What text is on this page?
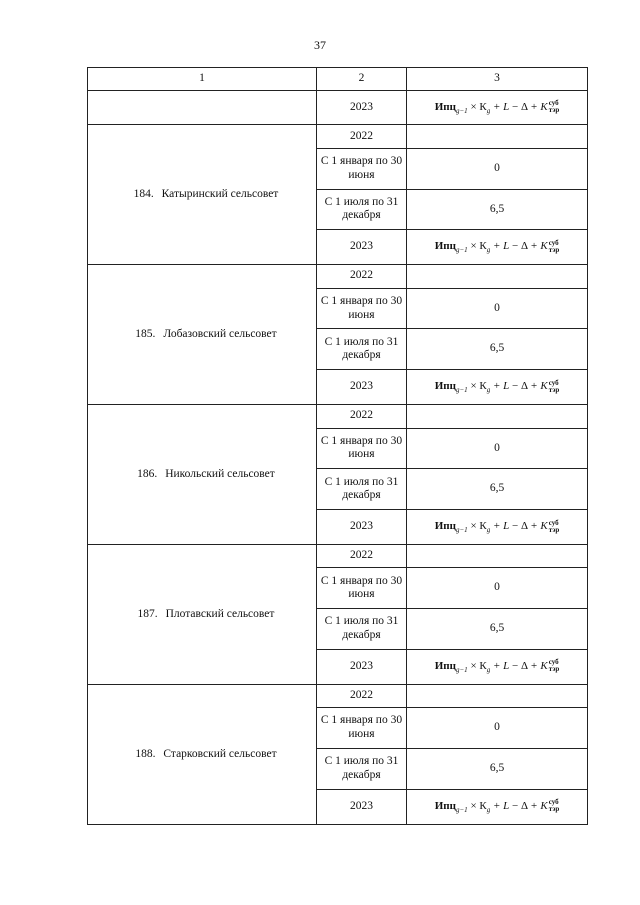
37
1	2	3
	2023	$Ипц_{g-1} \times К_g + L - \Delta + K$ суб
тэр

184. Катыринский сельсовет	2022	
	С 1 января по 30 июня	0
	С 1 июля по 31 декабря	6,5
	2023	$Ипц_{g-1} \times К_g + L - \Delta + K$ суб
тэр

185. Лобазовский сельсовет	2022	
	С 1 января по 30 июня	0
	С 1 июля по 31 декабря	6,5
	2023	$Ипц_{g-1} \times К_g + L - \Delta + K$ суб
тэр

186. Никольский сельсовет	2022	
	С 1 января по 30 июня	0
	С 1 июля по 31 декабря	6,5
	2023	$Ипц_{g-1} \times К_g + L - \Delta + K$ суб
тэр

187. Плотавский сельсовет	2022	
	С 1 января по 30 июня	0
	С 1 июля по 31 декабря	6,5
	2023	$Ипц_{g-1} \times К_g + L - \Delta + K$ суб
тэр

188. Старковский сельсовет	2022	
	С 1 января по 30 июня	0
	С 1 июля по 31 декабря	6,5
	2023	$Ипц_{g-1} \times К_g + L - \Delta + K$ суб
тэр
